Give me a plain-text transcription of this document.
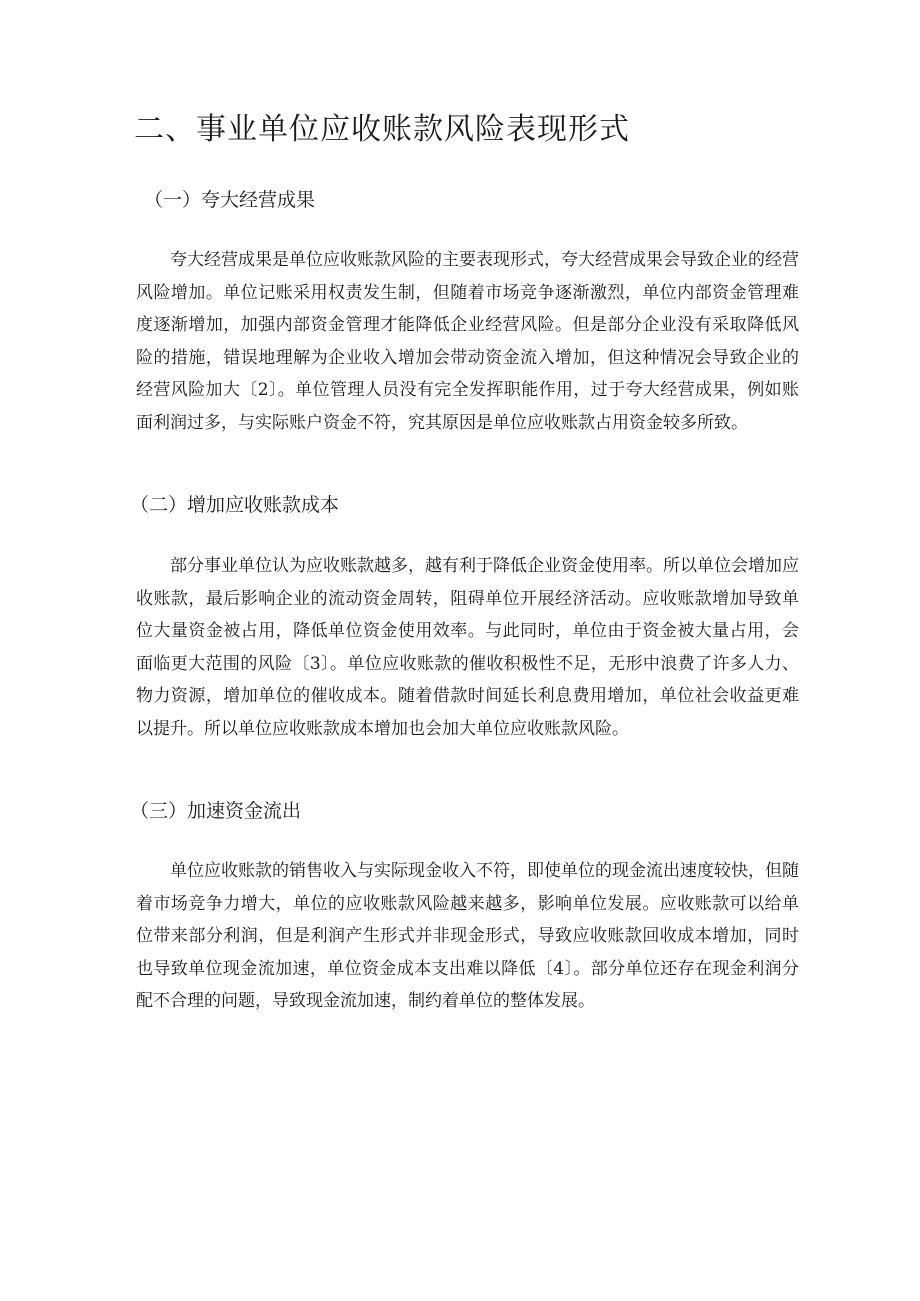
二、事业单位应收账款风险表现形式
（一）夸大经营成果
夸大经营成果是单位应收账款风险的主要表现形式，夸大经营成果会导致企业的经营
风险增加。单位记账采用权责发生制，但随着市场竞争逐渐激烈，单位内部资金管理难
度逐渐增加，加强内部资金管理才能降低企业经营风险。但是部分企业没有采取降低风
险的措施，错误地理解为企业收入增加会带动资金流入增加，但这种情况会导致企业的
经营风险加大〔2〕。单位管理人员没有完全发挥职能作用，过于夸大经营成果，例如账
面利润过多，与实际账户资金不符，究其原因是单位应收账款占用资金较多所致。
（二）增加应收账款成本
部分事业单位认为应收账款越多，越有利于降低企业资金使用率。所以单位会增加应
收账款，最后影响企业的流动资金周转，阻碍单位开展经济活动。应收账款增加导致单
位大量资金被占用，降低单位资金使用效率。与此同时，单位由于资金被大量占用，会
面临更大范围的风险〔3〕。单位应收账款的催收积极性不足，无形中浪费了许多人力、
物力资源，增加单位的催收成本。随着借款时间延长利息费用增加，单位社会收益更难
以提升。所以单位应收账款成本增加也会加大单位应收账款风险。
（三）加速资金流出
单位应收账款的销售收入与实际现金收入不符，即使单位的现金流出速度较快，但随
着市场竞争力增大，单位的应收账款风险越来越多，影响单位发展。应收账款可以给单
位带来部分利润，但是利润产生形式并非现金形式，导致应收账款回收成本增加，同时
也导致单位现金流加速，单位资金成本支出难以降低〔4〕。部分单位还存在现金利润分
配不合理的问题，导致现金流加速，制约着单位的整体发展。
